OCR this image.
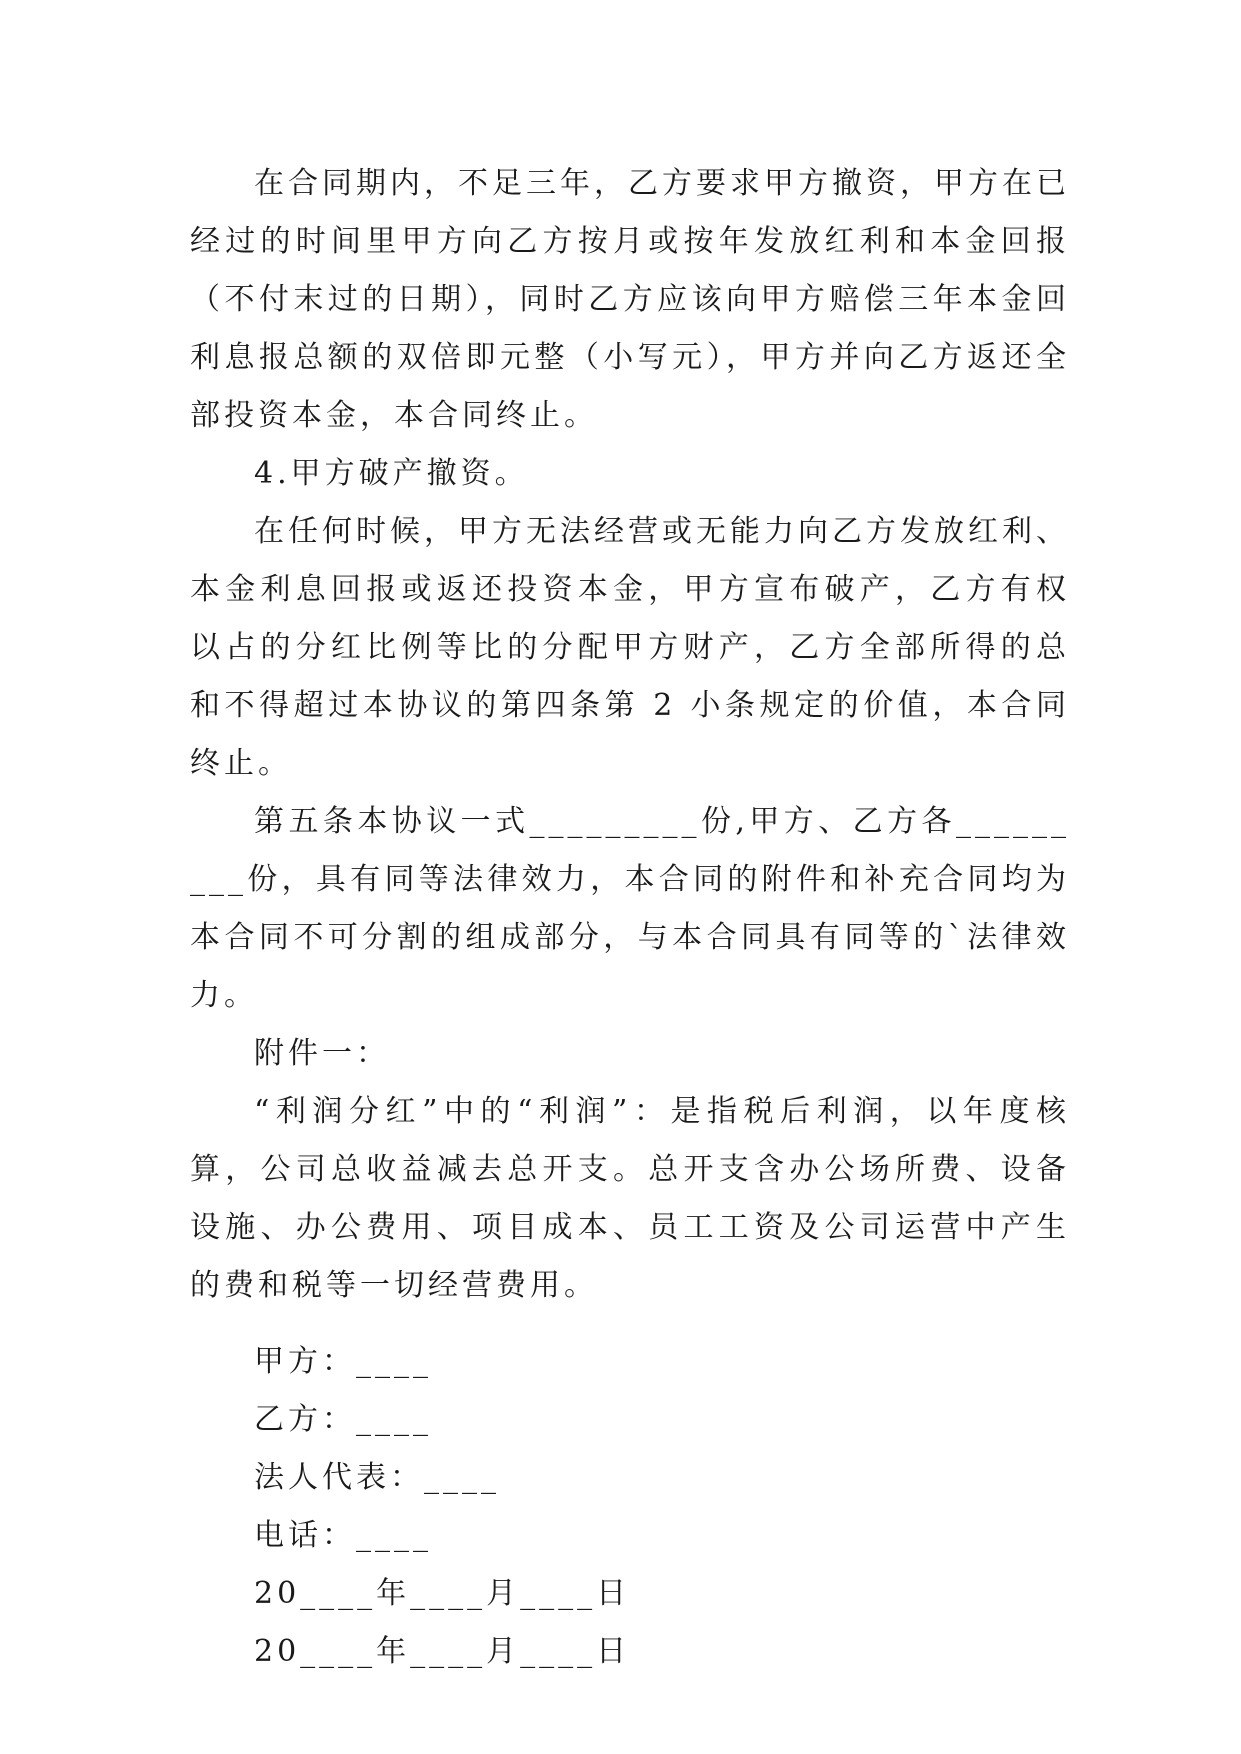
在合同期内，不足三年，乙方要求甲方撤资，甲方在已经过的时间里甲方向乙方按月或按年发放红利和本金回报（不付末过的日期），同时乙方应该向甲方赔偿三年本金回利息报总额的双倍即元整（小写元），甲方并向乙方返还全部投资本金，本合同终止。

4.甲方破产撤资。

在任何时候，甲方无法经营或无能力向乙方发放红利、本金利息回报或返还投资本金，甲方宣布破产，乙方有权以占的分红比例等比的分配甲方财产，乙方全部所得的总和不得超过本协议的第四条第 2 小条规定的价值，本合同终止。

第五条本协议一式_________份,甲方、乙方各_________份，具有同等法律效力，本合同的附件和补充合同均为本合同不可分割的组成部分，与本合同具有同等的`法律效力。

附件一：

“利润分红”中的“利润”：是指税后利润，以年度核算，公司总收益减去总开支。总开支含办公场所费、设备设施、办公费用、项目成本、员工工资及公司运营中产生的费和税等一切经营费用。

甲方：____

乙方：____

法人代表：____

电话：____

20____年____月____日

20____年____月____日
